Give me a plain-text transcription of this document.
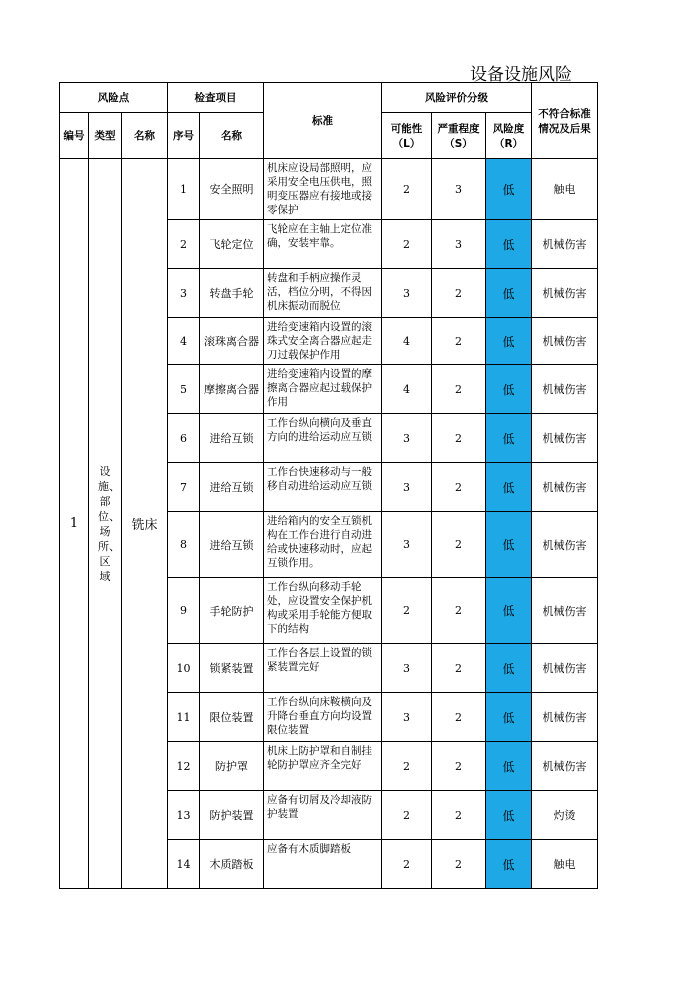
设备设施风险
风险点			检查项目		标准	风险评价分级			不符合标准情况及后果
编号	类型	名称	序号	名称		可能性（L）	严重程度（S）	风险度（R）	
1	设施、部位、场所、区域	铣床	1	安全照明	机床应设局部照明，应采用安全电压供电，照明变压器应有接地或接零保护	2	3	低	触电
			2	飞轮定位	飞轮应在主轴上定位准确，安装牢靠。	2	3	低	机械伤害
			3	转盘手轮	转盘和手柄应操作灵活，档位分明，不得因机床振动而脱位	3	2	低	机械伤害
			4	滚珠离合器	进给变速箱内设置的滚珠式安全离合器应起走刀过载保护作用	4	2	低	机械伤害
			5	摩擦离合器	进给变速箱内设置的摩擦离合器应起过载保护作用	4	2	低	机械伤害
			6	进给互锁	工作台纵向横向及垂直方向的进给运动应互锁	3	2	低	机械伤害
			7	进给互锁	工作台快速移动与一般移自动进给运动应互锁	3	2	低	机械伤害
			8	进给互锁	进给箱内的安全互锁机构在工作台进行自动进给或快速移动时，应起互锁作用。	3	2	低	机械伤害
			9	手轮防护	工作台纵向移动手轮处，应设置安全保护机构或采用手轮能方便取下的结构	2	2	低	机械伤害
			10	锁紧装置	工作台各层上设置的锁紧装置完好	3	2	低	机械伤害
			11	限位装置	工作台纵向床鞍横向及升降台垂直方向均设置限位装置	3	2	低	机械伤害
			12	防护罩	机床上防护罩和自制挂轮防护罩应齐全完好	2	2	低	机械伤害
			13	防护装置	应备有切屑及冷却液防护装置	2	2	低	灼烫
			14	木质踏板	应备有木质脚踏板	2	2	低	触电
